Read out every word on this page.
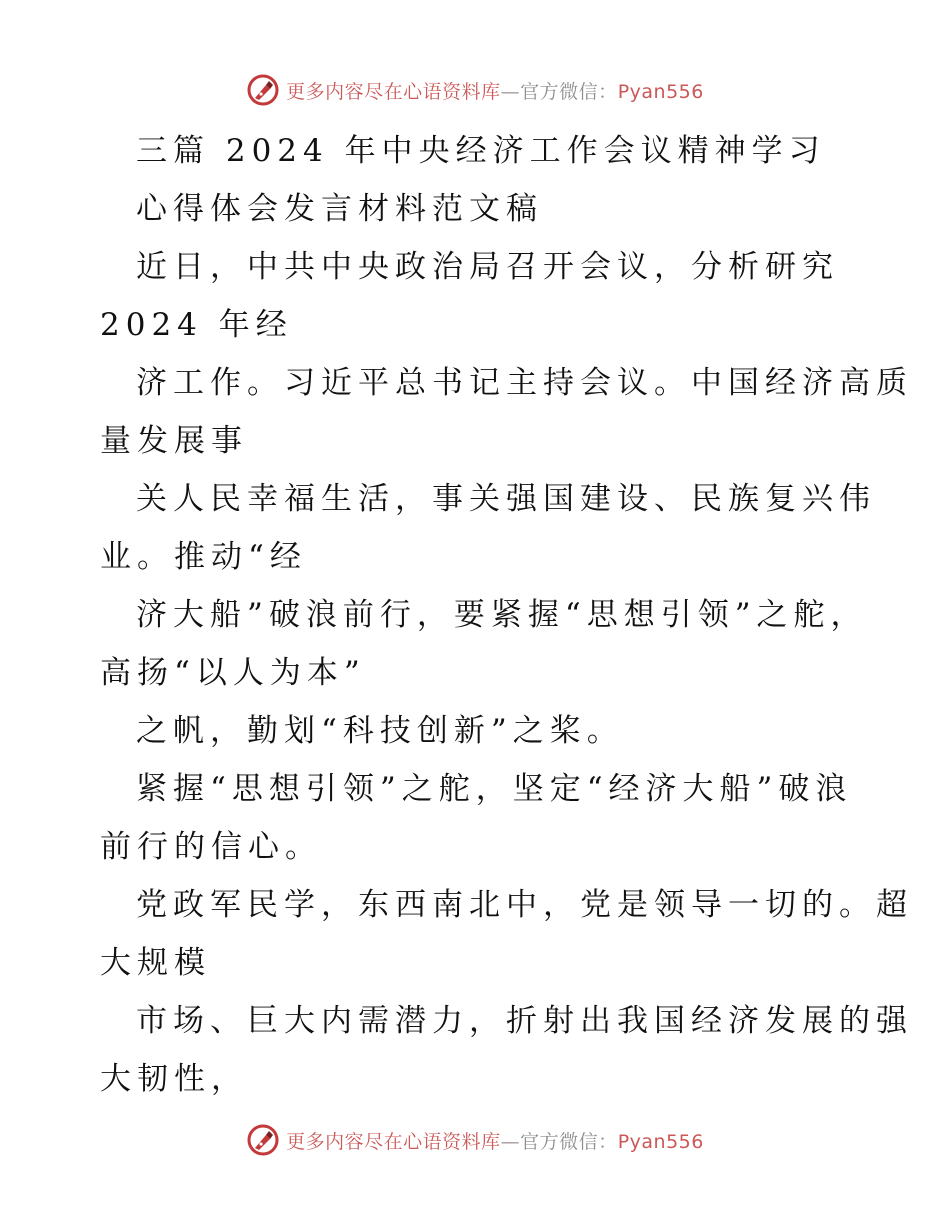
更多内容尽在心语资料库—官方微信：Pyan556
三篇 2024 年中央经济工作会议精神学习
心得体会发言材料范文稿
近日，中共中央政治局召开会议，分析研究
2024 年经
济工作。习近平总书记主持会议。中国经济高质
量发展事
关人民幸福生活，事关强国建设、民族复兴伟
业。推动“经
济大船”破浪前行，要紧握“思想引领”之舵，
高扬“以人为本”
之帆，勤划“科技创新”之桨。
紧握“思想引领”之舵，坚定“经济大船”破浪
前行的信心。
党政军民学，东西南北中，党是领导一切的。超
大规模
市场、巨大内需潜力，折射出我国经济发展的强
大韧性，
更多内容尽在心语资料库—官方微信：Pyan556
